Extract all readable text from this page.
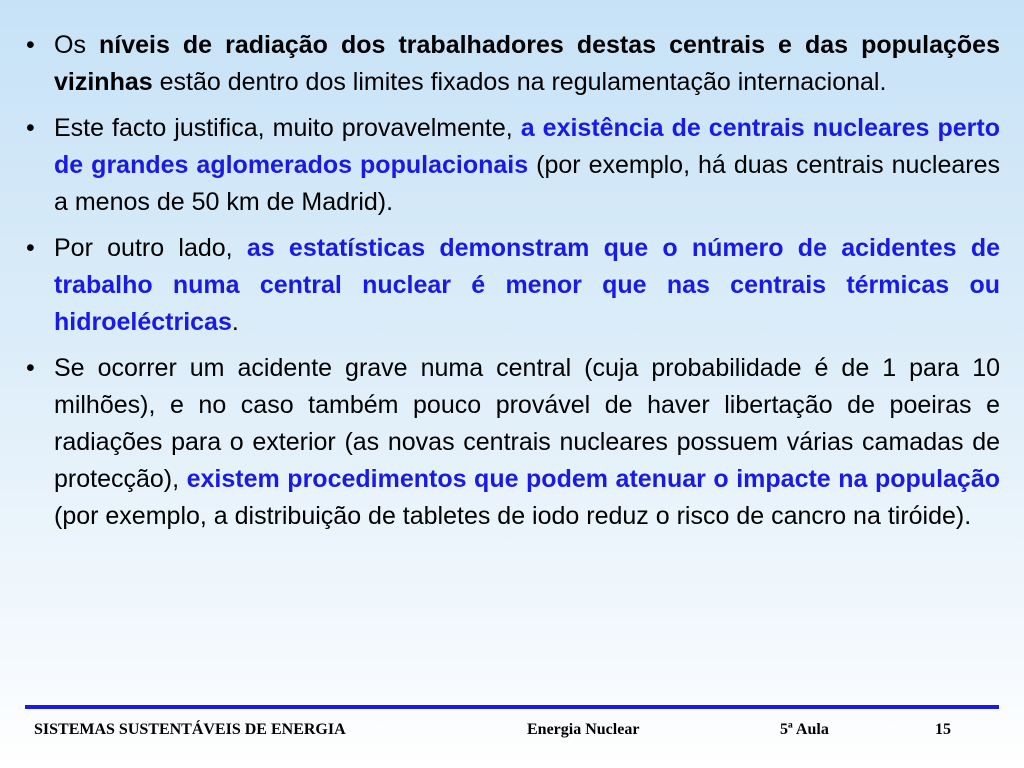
• Os níveis de radiação dos trabalhadores destas centrais e das populações vizinhas estão dentro dos limites fixados na regulamentação internacional.
• Este facto justifica, muito provavelmente, a existência de centrais nucleares perto de grandes aglomerados populacionais (por exemplo, há duas centrais nucleares a menos de 50 km de Madrid).
• Por outro lado, as estatísticas demonstram que o número de acidentes de trabalho numa central nuclear é menor que nas centrais térmicas ou hidroeléctricas.
• Se ocorrer um acidente grave numa central (cuja probabilidade é de 1 para 10 milhões), e no caso também pouco provável de haver libertação de poeiras e radiações para o exterior (as novas centrais nucleares possuem várias camadas de protecção), existem procedimentos que podem atenuar o impacte na população (por exemplo, a distribuição de tabletes de iodo reduz o risco de cancro na tiróide).
SISTEMAS SUSTENTÁVEIS DE ENERGIA	Energia Nuclear	5ª Aula	15
